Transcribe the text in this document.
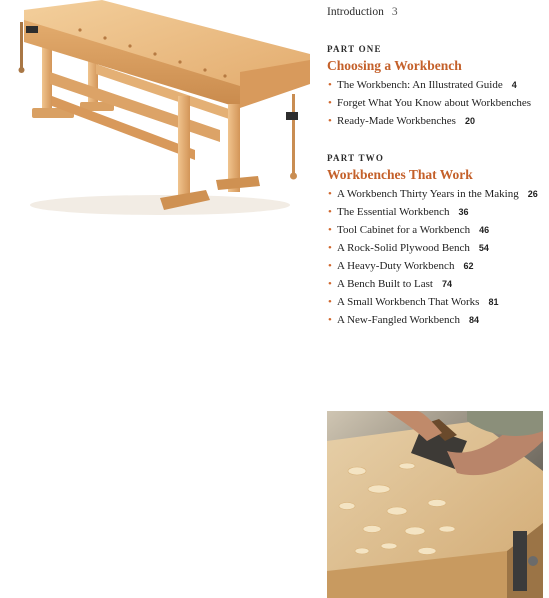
Introduction 3
PART ONE
Choosing a Workbench
• The Workbench: An Illustrated Guide 4
• Forget What You Know about Workbenches
• Ready-Made Workbenches 20
PART TWO
Workbenches That Work
• A Workbench Thirty Years in the Making 26
• The Essential Workbench 36
• Tool Cabinet for a Workbench 46
• A Rock-Solid Plywood Bench 54
• A Heavy-Duty Workbench 62
• A Bench Built to Last 74
• A Small Workbench That Works 81
• A New-Fangled Workbench 84
